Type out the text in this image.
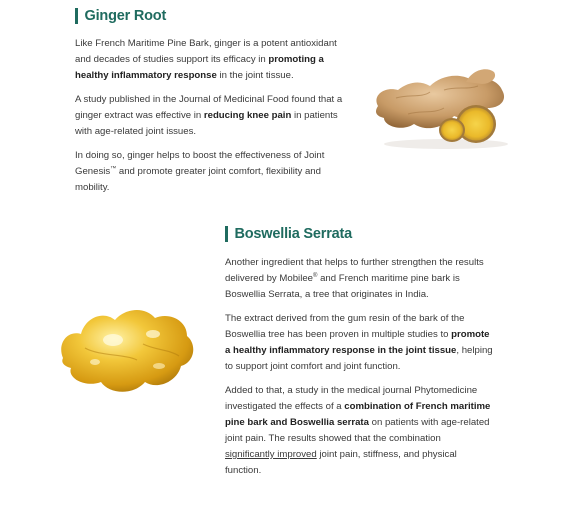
Ginger Root

Like French Maritime Pine Bark, ginger is a potent antioxidant and decades of studies support its efficacy in promoting a healthy inflammatory response in the joint tissue.

A study published in the Journal of Medicinal Food found that a ginger extract was effective in reducing knee pain in patients with age-related joint issues.

In doing so, ginger helps to boost the effectiveness of Joint Genesis™ and promote greater joint comfort, flexibility and mobility.

Boswellia Serrata

Another ingredient that helps to further strengthen the results delivered by Mobilee® and French maritime pine bark is Boswellia Serrata, a tree that originates in India.

The extract derived from the gum resin of the bark of the Boswellia tree has been proven in multiple studies to promote a healthy inflammatory response in the joint tissue, helping to support joint comfort and joint function.

Added to that, a study in the medical journal Phytomedicine investigated the effects of a combination of French maritime pine bark and Boswellia serrata on patients with age-related joint pain. The results showed that the combination significantly improved joint pain, stiffness, and physical function.
